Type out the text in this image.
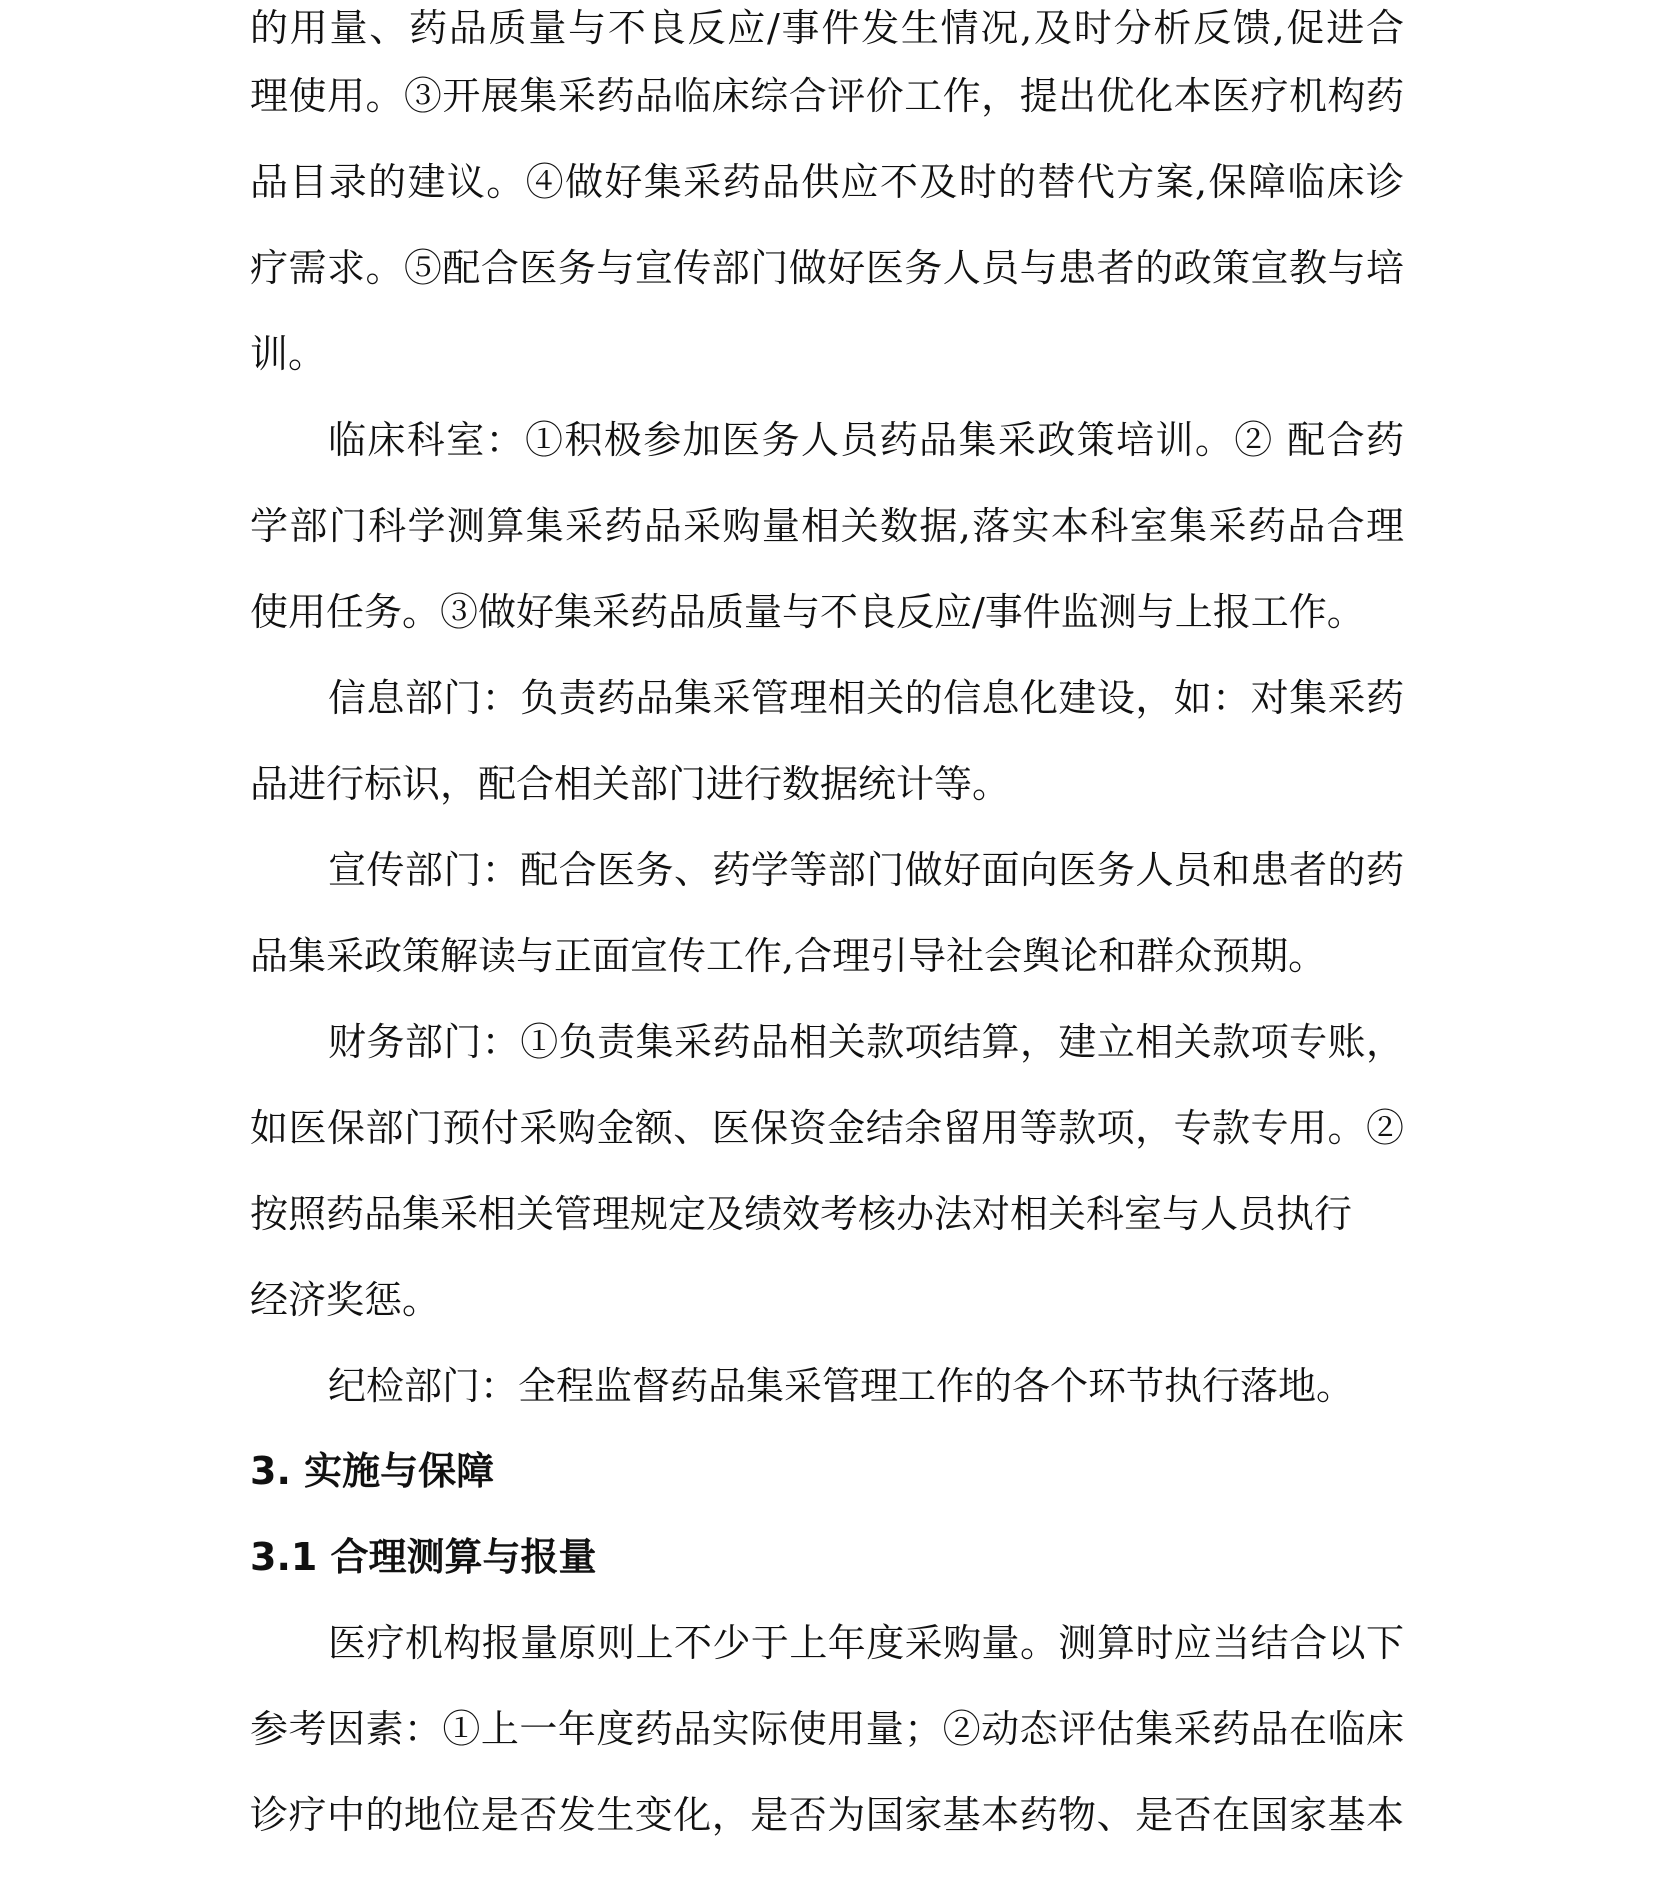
的用量、药品质量与不良反应/事件发生情况,及时分析反馈,促进合
理使用。③开展集采药品临床综合评价工作，提出优化本医疗机构药
品目录的建议。④做好集采药品供应不及时的替代方案,保障临床诊
疗需求。⑤配合医务与宣传部门做好医务人员与患者的政策宣教与培
训。
临床科室：①积极参加医务人员药品集采政策培训。② 配合药
学部门科学测算集采药品采购量相关数据,落实本科室集采药品合理
使用任务。③做好集采药品质量与不良反应/事件监测与上报工作。
信息部门：负责药品集采管理相关的信息化建设，如：对集采药
品进行标识，配合相关部门进行数据统计等。
宣传部门：配合医务、药学等部门做好面向医务人员和患者的药
品集采政策解读与正面宣传工作,合理引导社会舆论和群众预期。
财务部门：①负责集采药品相关款项结算，建立相关款项专账，
如医保部门预付采购金额、医保资金结余留用等款项，专款专用。②
按照药品集采相关管理规定及绩效考核办法对相关科室与人员执行
经济奖惩。
纪检部门：全程监督药品集采管理工作的各个环节执行落地。
3. 实施与保障
3.1 合理测算与报量
医疗机构报量原则上不少于上年度采购量。测算时应当结合以下
参考因素：①上一年度药品实际使用量；②动态评估集采药品在临床
诊疗中的地位是否发生变化，是否为国家基本药物、是否在国家基本
